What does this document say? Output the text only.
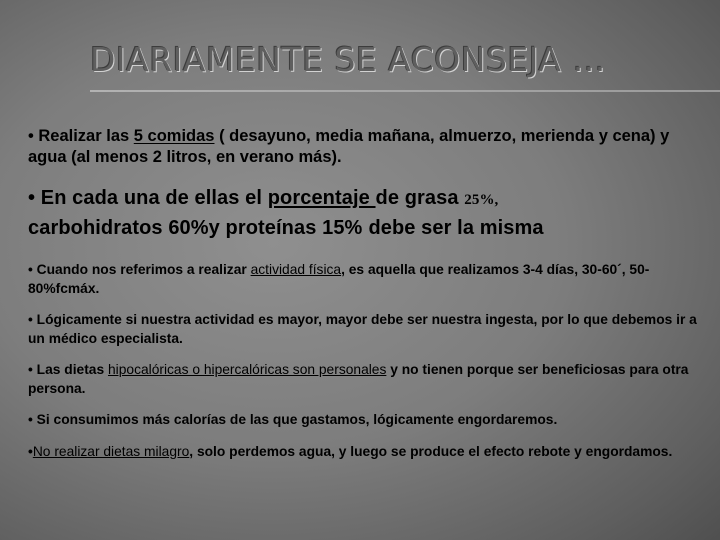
DIARIAMENTE SE ACONSEJA …

• Realizar las 5 comidas ( desayuno, media mañana, almuerzo, merienda y cena) y agua (al menos 2 litros, en verano más).

• En cada una de ellas el porcentaje de grasa 25%,
carbohidratos 60%y proteínas 15% debe ser la misma

• Cuando nos referimos a realizar actividad física, es aquella que realizamos 3-4 días, 30-60´, 50-80%fcmáx.

• Lógicamente si nuestra actividad es mayor, mayor debe ser nuestra ingesta, por lo que debemos ir a un médico especialista.

• Las dietas hipocalóricas o hipercalóricas son personales y no tienen porque ser beneficiosas para otra persona.

• Si consumimos más calorías de las que gastamos, lógicamente engordaremos.

•No realizar dietas milagro, solo perdemos agua, y luego se produce el efecto rebote y engordamos.
